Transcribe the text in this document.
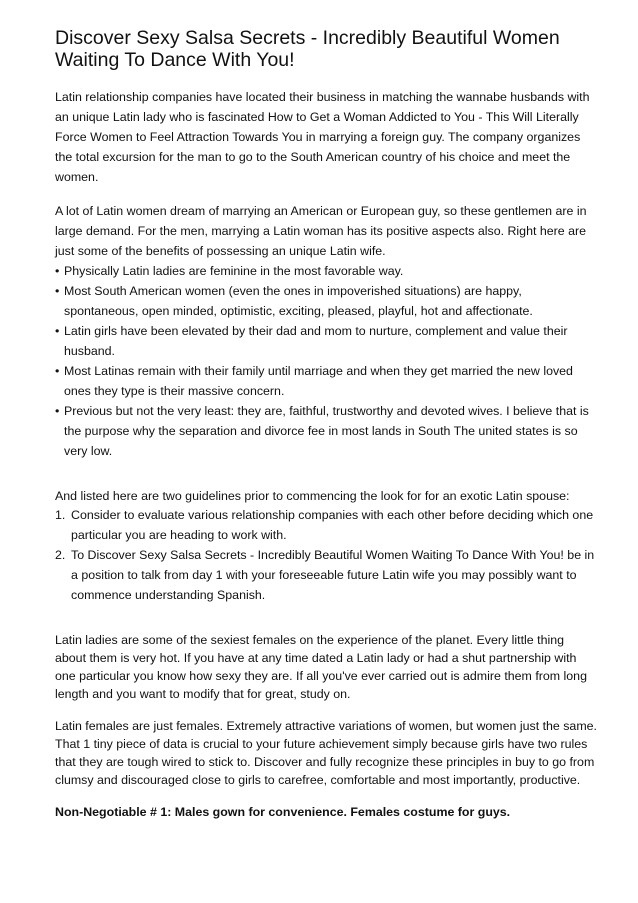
Discover Sexy Salsa Secrets - Incredibly Beautiful Women Waiting To Dance With You!

Latin relationship companies have located their business in matching the wannabe husbands with an unique Latin lady who is fascinated How to Get a Woman Addicted to You - This Will Literally Force Women to Feel Attraction Towards You in marrying a foreign guy. The company organizes the total excursion for the man to go to the South American country of his choice and meet the women.

A lot of Latin women dream of marrying an American or European guy, so these gentlemen are in large demand. For the men, marrying a Latin woman has its positive aspects also. Right here are just some of the benefits of possessing an unique Latin wife.

• Physically Latin ladies are feminine in the most favorable way.
• Most South American women (even the ones in impoverished situations) are happy, spontaneous, open minded, optimistic, exciting, pleased, playful, hot and affectionate.
• Latin girls have been elevated by their dad and mom to nurture, complement and value their husband.
• Most Latinas remain with their family until marriage and when they get married the new loved ones they type is their massive concern.
• Previous but not the very least: they are, faithful, trustworthy and devoted wives. I believe that is the purpose why the separation and divorce fee in most lands in South The united states is so very low.

And listed here are two guidelines prior to commencing the look for for an exotic Latin spouse:

1. Consider to evaluate various relationship companies with each other before deciding which one particular you are heading to work with.
2. To Discover Sexy Salsa Secrets - Incredibly Beautiful Women Waiting To Dance With You! be in a position to talk from day 1 with your foreseeable future Latin wife you may possibly want to commence understanding Spanish.

Latin ladies are some of the sexiest females on the experience of the planet. Every little thing about them is very hot. If you have at any time dated a Latin lady or had a shut partnership with one particular you know how sexy they are. If all you've ever carried out is admire them from long length and you want to modify that for great, study on.

Latin females are just females. Extremely attractive variations of women, but women just the same. That 1 tiny piece of data is crucial to your future achievement simply because girls have two rules that they are tough wired to stick to. Discover and fully recognize these principles in buy to go from clumsy and discouraged close to girls to carefree, comfortable and most importantly, productive.

Non-Negotiable # 1: Males gown for convenience. Females costume for guys.
